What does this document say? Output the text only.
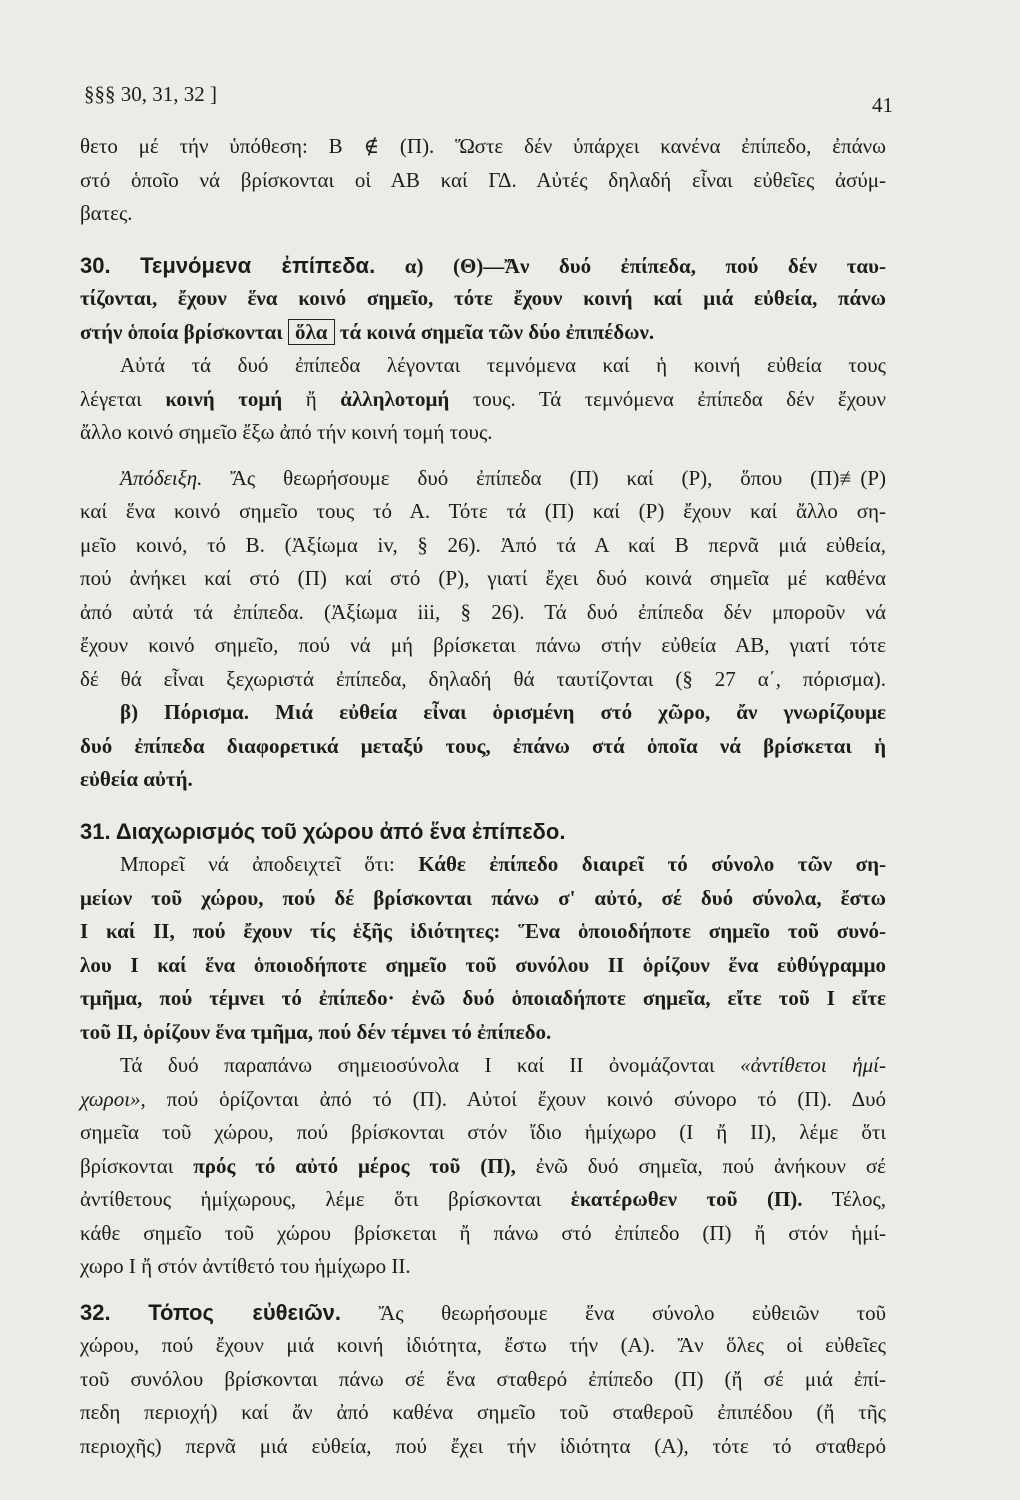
§§§ 30, 31, 32 ]	41
θετο μέ τήν ὑπόθεση: Β ∉ (Π). Ὥστε δέν ὑπάρχει κανένα ἐπίπεδο, ἐπάνω
στό ὁποῖο νά βρίσκονται οἱ ΑΒ καί ΓΔ. Αὐτές δηλαδή εἶναι εὐθεῖες ἀσύμ-
βατες.
30. Τεμνόμενα ἐπίπεδα. α) (Θ)—Ἄν δυό ἐπίπεδα, πού δέν ταυ-
τίζονται, ἔχουν ἕνα κοινό σημεῖο, τότε ἔχουν κοινή καί μιά εὐθεία, πάνω
στήν ὁποία βρίσκονται ὅλα τά κοινά σημεῖα τῶν δύο ἐπιπέδων.
Αὐτά τά δυό ἐπίπεδα λέγονται τεμνόμενα καί ἡ κοινή εὐθεία τους
λέγεται κοινή τομή ἤ ἀλληλοτομή τους. Τά τεμνόμενα ἐπίπεδα δέν ἔχουν
ἄλλο κοινό σημεῖο ἔξω ἀπό τήν κοινή τομή τους.
Ἀπόδειξη. Ἄς θεωρήσουμε δυό ἐπίπεδα (Π) καί (Ρ), ὅπου (Π)≢(Ρ)
καί ἕνα κοινό σημεῖο τους τό Α. Τότε τά (Π) καί (Ρ) ἔχουν καί ἄλλο ση-
μεῖο κοινό, τό Β. (Ἀξίωμα iv, § 26). Ἀπό τά Α καί Β περνᾶ μιά εὐθεία,
πού ἀνήκει καί στό (Π) καί στό (Ρ), γιατί ἔχει δυό κοινά σημεῖα μέ καθένα
ἀπό αὐτά τά ἐπίπεδα. (Ἀξίωμα iii, § 26). Τά δυό ἐπίπεδα δέν μποροῦν νά
ἔχουν κοινό σημεῖο, πού νά μή βρίσκεται πάνω στήν εὐθεία ΑΒ, γιατί τότε
δέ θά εἶναι ξεχωριστά ἐπίπεδα, δηλαδή θά ταυτίζονται (§ 27 α΄, πόρισμα).
β) Πόρισμα. Μιά εὐθεία εἶναι ὁρισμένη στό χῶρο, ἄν γνωρίζουμε
δυό ἐπίπεδα διαφορετικά μεταξύ τους, ἐπάνω στά ὁποῖα νά βρίσκεται ἡ
εὐθεία αὐτή.
31. Διαχωρισμός τοῦ χώρου ἀπό ἕνα ἐπίπεδο.
Μπορεῖ νά ἀποδειχτεῖ ὅτι: Κάθε ἐπίπεδο διαιρεῖ τό σύνολο τῶν ση-
μείων τοῦ χώρου, πού δέ βρίσκονται πάνω σ' αὐτό, σέ δυό σύνολα, ἔστω
Ι καί ΙΙ, πού ἔχουν τίς ἑξῆς ἰδιότητες: Ἕνα ὁποιοδήποτε σημεῖο τοῦ συνό-
λου Ι καί ἕνα ὁποιοδήποτε σημεῖο τοῦ συνόλου ΙΙ ὁρίζουν ἕνα εὐθύγραμμο
τμῆμα, πού τέμνει τό ἐπίπεδο· ἐνῶ δυό ὁποιαδήποτε σημεῖα, εἴτε τοῦ Ι εἴτε
τοῦ ΙΙ, ὁρίζουν ἕνα τμῆμα, πού δέν τέμνει τό ἐπίπεδο.
Τά δυό παραπάνω σημειοσύνολα Ι καί ΙΙ ὀνομάζονται «ἀντίθετοι ἡμί-
χωροι», πού ὁρίζονται ἀπό τό (Π). Αὐτοί ἔχουν κοινό σύνορο τό (Π). Δυό
σημεῖα τοῦ χώρου, πού βρίσκονται στόν ἴδιο ἡμίχωρο (Ι ἤ ΙΙ), λέμε ὅτι
βρίσκονται πρός τό αὐτό μέρος τοῦ (Π), ἐνῶ δυό σημεῖα, πού ἀνήκουν σέ
ἀντίθετους ἡμίχωρους, λέμε ὅτι βρίσκονται ἑκατέρωθεν τοῦ (Π). Τέλος,
κάθε σημεῖο τοῦ χώρου βρίσκεται ἤ πάνω στό ἐπίπεδο (Π) ἤ στόν ἡμί-
χωρο Ι ἤ στόν ἀντίθετό του ἡμίχωρο ΙΙ.
32. Τόπος εὐθειῶν. Ἄς θεωρήσουμε ἕνα σύνολο εὐθειῶν τοῦ
χώρου, πού ἔχουν μιά κοινή ἰδιότητα, ἔστω τήν (Α). Ἄν ὅλες οἱ εὐθεῖες
τοῦ συνόλου βρίσκονται πάνω σέ ἕνα σταθερό ἐπίπεδο (Π) (ἤ σέ μιά ἐπί-
πεδη περιοχή) καί ἄν ἀπό καθένα σημεῖο τοῦ σταθεροῦ ἐπιπέδου (ἤ τῆς
περιοχῆς) περνᾶ μιά εὐθεία, πού ἔχει τήν ἰδιότητα (Α), τότε τό σταθερό
